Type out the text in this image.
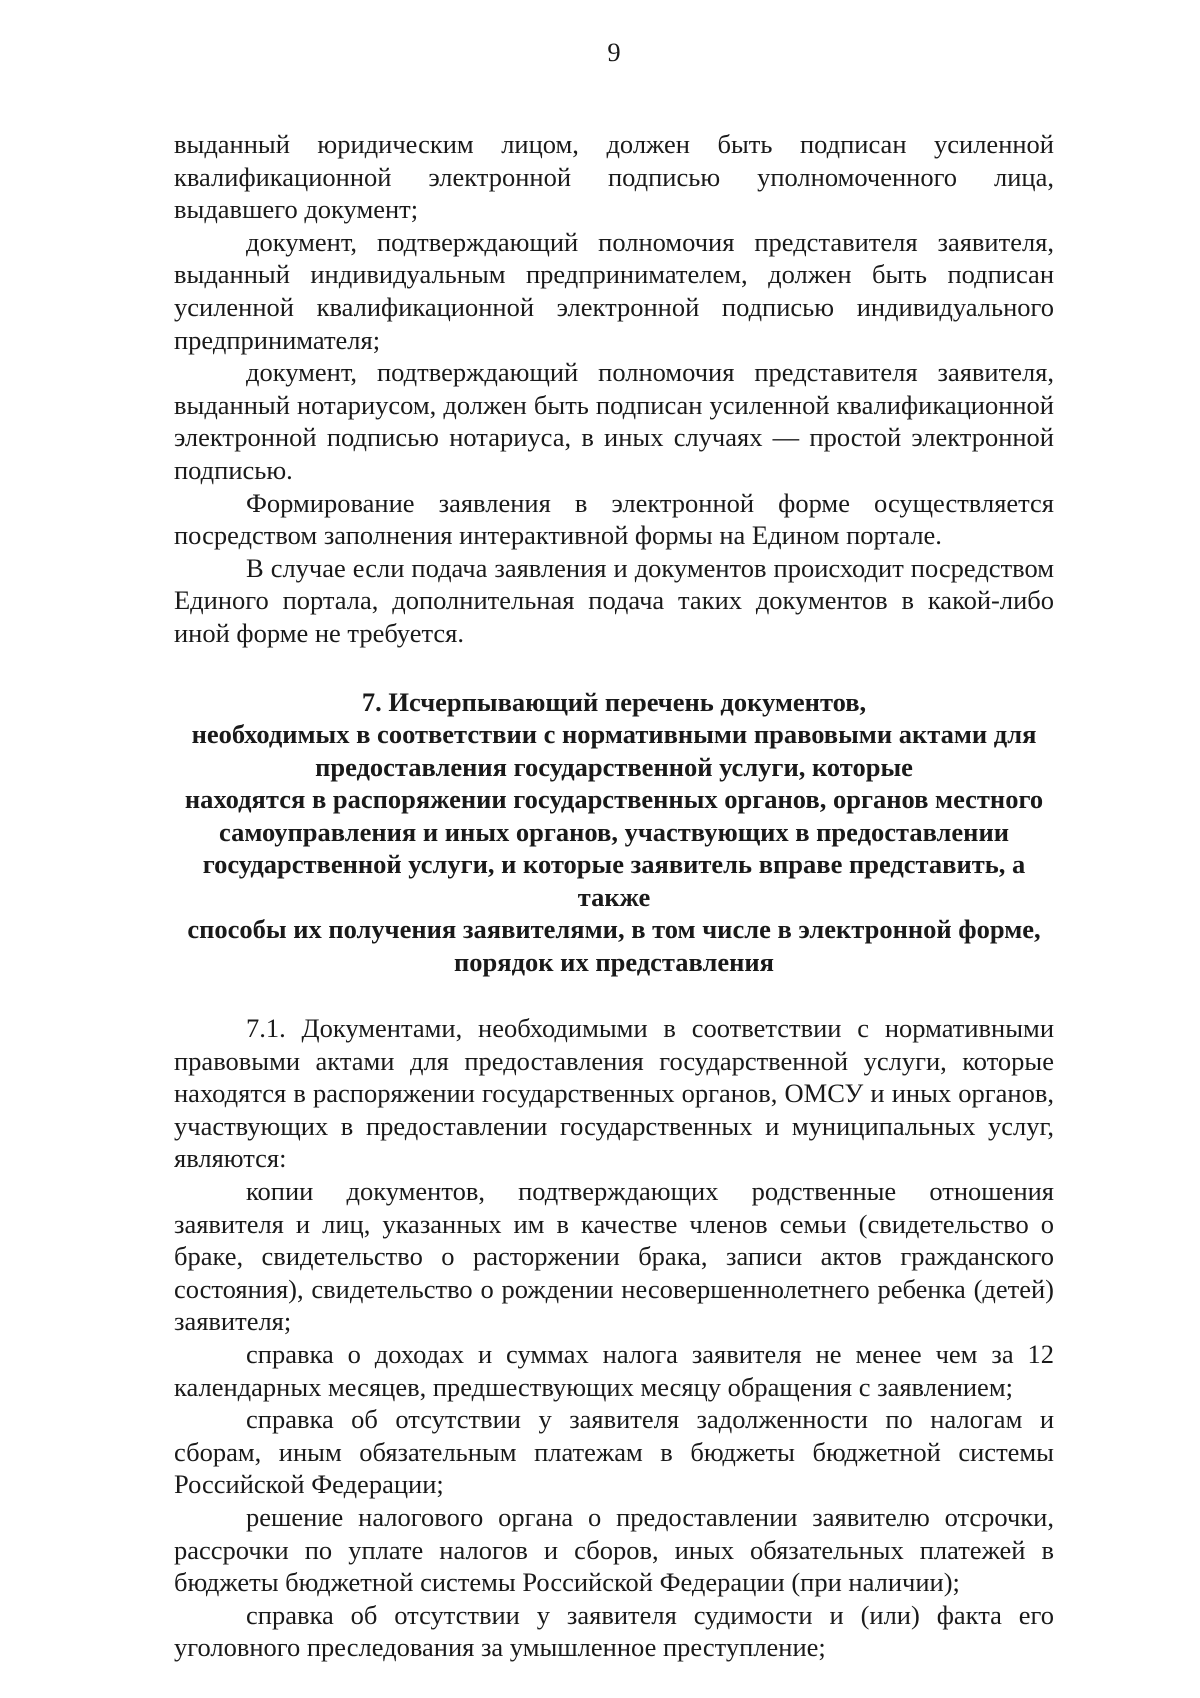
9

выданный юридическим лицом, должен быть подписан усиленной квалификационной электронной подписью уполномоченного лица, выдавшего документ;

документ, подтверждающий полномочия представителя заявителя, выданный индивидуальным предпринимателем, должен быть подписан усиленной квалификационной электронной подписью индивидуального предпринимателя;

документ, подтверждающий полномочия представителя заявителя, выданный нотариусом, должен быть подписан усиленной квалификационной электронной подписью нотариуса, в иных случаях — простой электронной подписью.

Формирование заявления в электронной форме осуществляется посредством заполнения интерактивной формы на Едином портале.

В случае если подача заявления и документов происходит посредством Единого портала, дополнительная подача таких документов в какой-либо иной форме не требуется.

7. Исчерпывающий перечень документов,
необходимых в соответствии с нормативными правовыми актами для
предоставления государственной услуги, которые
находятся в распоряжении государственных органов, органов местного
самоуправления и иных органов, участвующих в предоставлении
государственной услуги, и которые заявитель вправе представить, а также
способы их получения заявителями, в том числе в электронной форме,
порядок их представления

7.1. Документами, необходимыми в соответствии с нормативными правовыми актами для предоставления государственной услуги, которые находятся в распоряжении государственных органов, ОМСУ и иных органов, участвующих в предоставлении государственных и муниципальных услуг, являются:

копии документов, подтверждающих родственные отношения заявителя и лиц, указанных им в качестве членов семьи (свидетельство о браке, свидетельство о расторжении брака, записи актов гражданского состояния), свидетельство о рождении несовершеннолетнего ребенка (детей) заявителя;

справка о доходах и суммах налога заявителя не менее чем за 12 календарных месяцев, предшествующих месяцу обращения с заявлением;

справка об отсутствии у заявителя задолженности по налогам и сборам, иным обязательным платежам в бюджеты бюджетной системы Российской Федерации;

решение налогового органа о предоставлении заявителю отсрочки, рассрочки по уплате налогов и сборов, иных обязательных платежей в бюджеты бюджетной системы Российской Федерации (при наличии);

справка об отсутствии у заявителя судимости и (или) факта его уголовного преследования за умышленное преступление;
